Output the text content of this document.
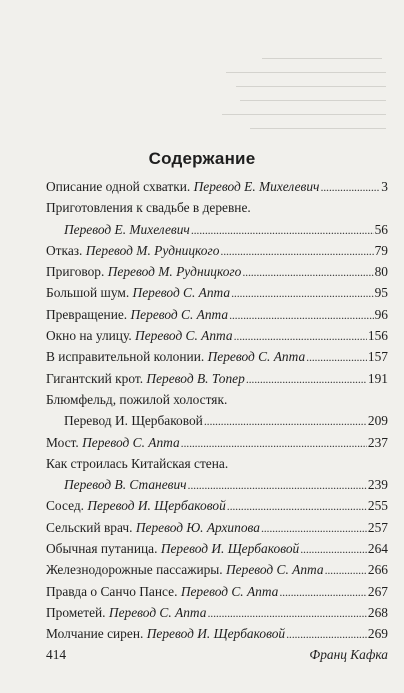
Содержание
Описание одной схватки. Перевод Е. Михелевич . . .	3
Приготовления к свадьбе в деревне.
Перевод Е. Михелевич . . .	56
Отказ. Перевод М. Рудницкого . . .	79
Приговор. Перевод М. Рудницкого . . .	80
Большой шум. Перевод С. Апта . . .	95
Превращение. Перевод С. Апта . . .	96
Окно на улицу. Перевод С. Апта . . .	156
В исправительной колонии. Перевод С. Апта . . .	157
Гигантский крот. Перевод В. Топер . . .	191
Блюмфельд, пожилой холостяк.
Перевод И. Щербаковой . . .	209
Мост. Перевод С. Апта . . .	237
Как строилась Китайская стена.
Перевод В. Станевич . . .	239
Сосед. Перевод И. Щербаковой . . .	255
Сельский врач. Перевод Ю. Архипова . . .	257
Обычная путаница. Перевод И. Щербаковой . . .	264
Железнодорожные пассажиры. Перевод С. Апта . . .	266
Правда о Санчо Пансе. Перевод С. Апта . . .	267
Прометей. Перевод С. Апта . . .	268
Молчание сирен. Перевод И. Щербаковой . . .	269
414	Франц Кафка
